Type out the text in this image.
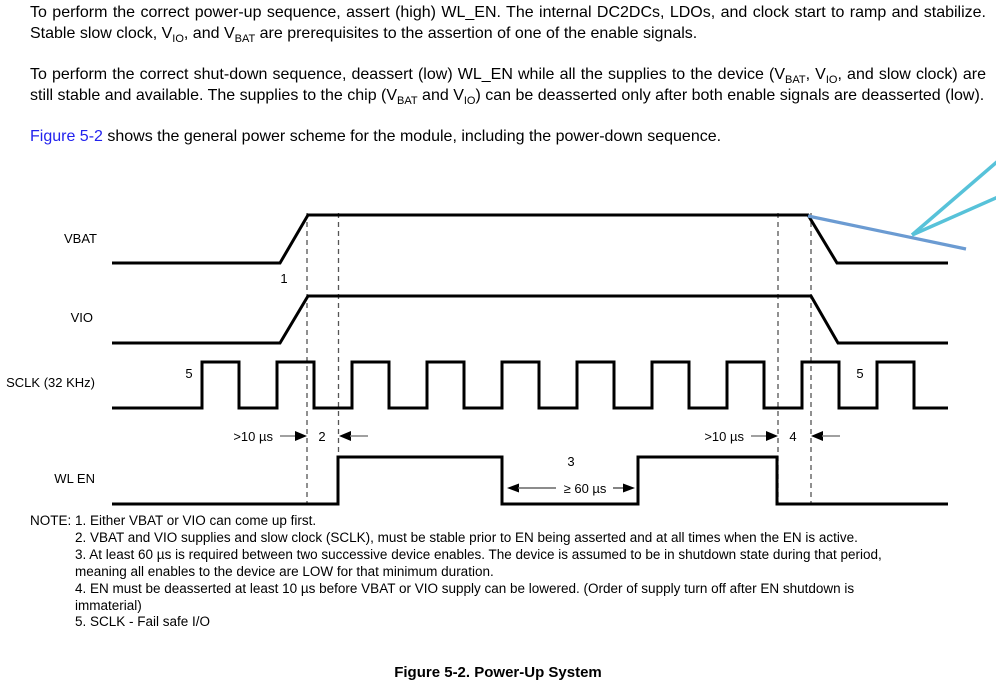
To perform the correct power-up sequence, assert (high) WL_EN. The internal DC2DCs, LDOs, and clock start to ramp and stabilize. Stable slow clock, $V_{IO}$, and $V_{BAT}$ are prerequisites to the assertion of one of the enable signals.

To perform the correct shut-down sequence, deassert (low) WL_EN while all the supplies to the device ($V_{BAT}$, $V_{IO}$, and slow clock) are still stable and available. The supplies to the chip ($V_{BAT}$ and $V_{IO}$) can be deasserted only after both enable signals are deasserted (low).

Figure 5-2 shows the general power scheme for the module, including the power-down sequence.

VBAT
VIO
SCLK (32 KHz)
WL EN
1
5	5
2	4
3
>10 µs	>10 µs
≥ 60 µs
NOTE: 1. Either VBAT or VIO can come up first.
2. VBAT and VIO supplies and slow clock (SCLK), must be stable prior to EN being asserted and at all times when the EN is active.
3. At least 60 µs is required between two successive device enables. The device is assumed to be in shutdown state during that period, meaning all enables to the device are LOW for that minimum duration.
4. EN must be deasserted at least 10 µs before VBAT or VIO supply can be lowered. (Order of supply turn off after EN shutdown is immaterial)
5. SCLK - Fail safe I/O
Figure 5-2. Power-Up System
